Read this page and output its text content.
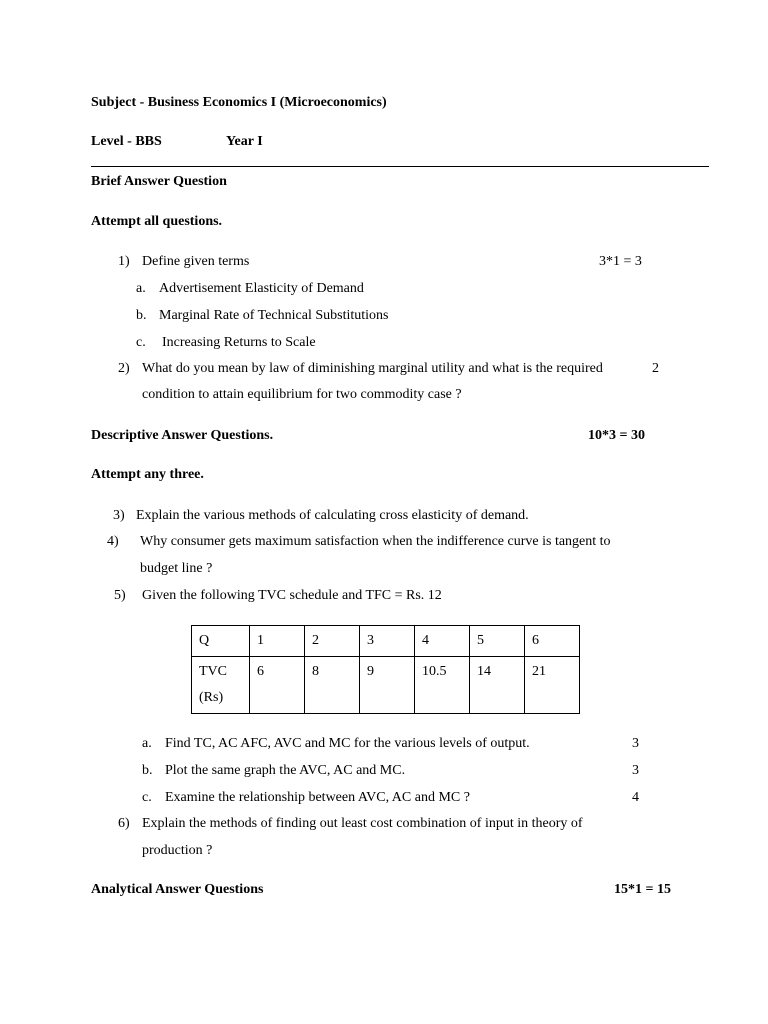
Subject - Business Economics I (Microeconomics)
Level - BBS	Year I
Brief Answer Question
Attempt all questions.
1) Define given terms	3*1 = 3
a. Advertisement Elasticity of Demand
b. Marginal Rate of Technical Substitutions
c. Increasing Returns to Scale
2) What do you mean by law of diminishing marginal utility and what is the required	2
condition to attain equilibrium for two commodity case ?
Descriptive Answer Questions.	10*3 = 30
Attempt any three.
3) Explain the various methods of calculating cross elasticity of demand.
4) Why consumer gets maximum satisfaction when the indifference curve is tangent to
budget line ?
5) Given the following TVC schedule and TFC = Rs. 12
Q	1	2	3	4	5	6

TVC
(Rs)	6	8	9	10.5	14	21
a. Find TC, AC AFC, AVC and MC for the various levels of output.	3
b. Plot the same graph the AVC, AC and MC.	3
c. Examine the relationship between AVC, AC and MC ?	4
6) Explain the methods of finding out least cost combination of input in theory of
production ?
Analytical Answer Questions	15*1 = 15
